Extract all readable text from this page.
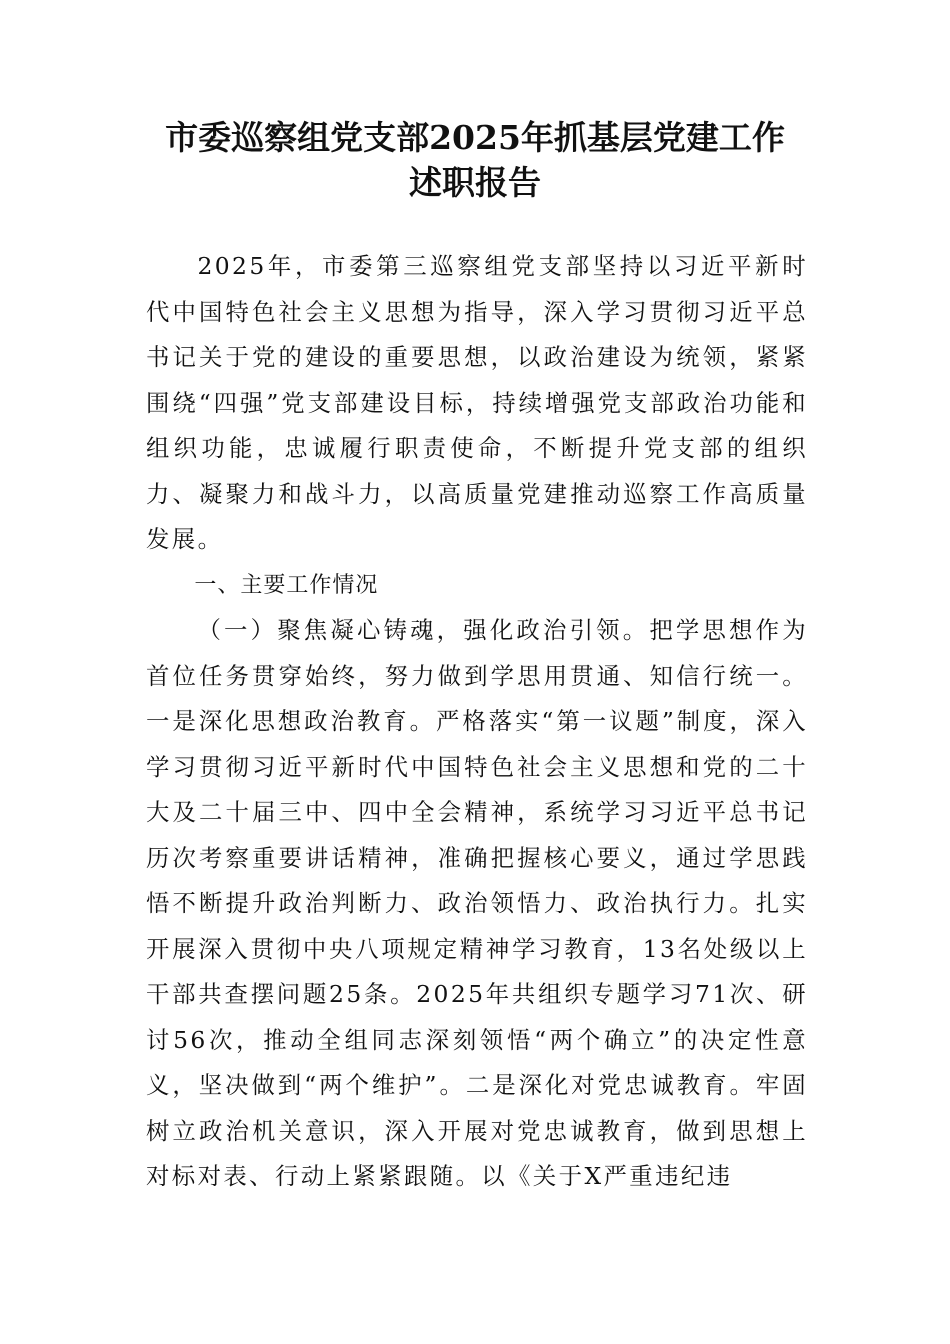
市委巡察组党支部2025年抓基层党建工作
述职报告

2025年，市委第三巡察组党支部坚持以习近平新时代中国特色社会主义思想为指导，深入学习贯彻习近平总书记关于党的建设的重要思想，以政治建设为统领，紧紧围绕“四强”党支部建设目标，持续增强党支部政治功能和组织功能，忠诚履行职责使命，不断提升党支部的组织力、凝聚力和战斗力，以高质量党建推动巡察工作高质量发展。

一、主要工作情况

（一）聚焦凝心铸魂，强化政治引领。把学思想作为首位任务贯穿始终，努力做到学思用贯通、知信行统一。一是深化思想政治教育。严格落实“第一议题”制度，深入学习贯彻习近平新时代中国特色社会主义思想和党的二十大及二十届三中、四中全会精神，系统学习习近平总书记历次考察重要讲话精神，准确把握核心要义，通过学思践悟不断提升政治判断力、政治领悟力、政治执行力。扎实开展深入贯彻中央八项规定精神学习教育，13名处级以上干部共查摆问题25条。2025年共组织专题学习71次、研讨56次，推动全组同志深刻领悟“两个确立”的决定性意义，坚决做到“两个维护”。二是深化对党忠诚教育。牢固树立政治机关意识，深入开展对党忠诚教育，做到思想上对标对表、行动上紧紧跟随。以《关于X严重违纪违
